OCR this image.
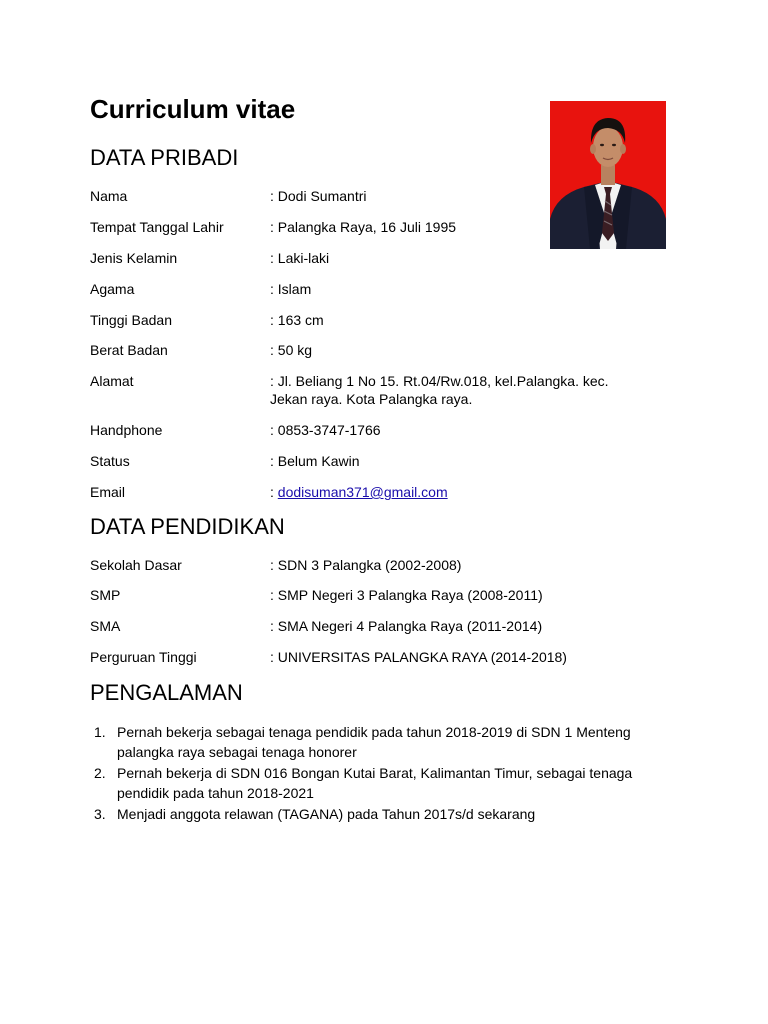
Curriculum vitae
DATA PRIBADI
Nama	: Dodi Sumantri
Tempat Tanggal Lahir	: Palangka Raya, 16 Juli 1995
Jenis Kelamin	: Laki-laki
Agama	: Islam
Tinggi Badan	: 163 cm
Berat Badan	: 50 kg
Alamat	: Jl. Beliang 1 No 15. Rt.04/Rw.018, kel.Palangka. kec.
Jekan raya. Kota Palangka raya.
Handphone	: 0853-3747-1766
Status	: Belum Kawin
Email	: dodisuman371@gmail.com
DATA PENDIDIKAN
Sekolah Dasar	: SDN 3 Palangka (2002-2008)
SMP	: SMP Negeri 3 Palangka Raya (2008-2011)
SMA	: SMA Negeri 4 Palangka Raya (2011-2014)
Perguruan Tinggi	: UNIVERSITAS PALANGKA RAYA (2014-2018)
PENGALAMAN
1. Pernah bekerja sebagai tenaga pendidik pada tahun 2018-2019 di SDN 1 Menteng
palangka raya sebagai tenaga honorer
2. Pernah bekerja di SDN 016 Bongan Kutai Barat, Kalimantan Timur, sebagai tenaga
pendidik pada tahun 2018-2021
3. Menjadi anggota relawan (TAGANA) pada Tahun 2017s/d sekarang
